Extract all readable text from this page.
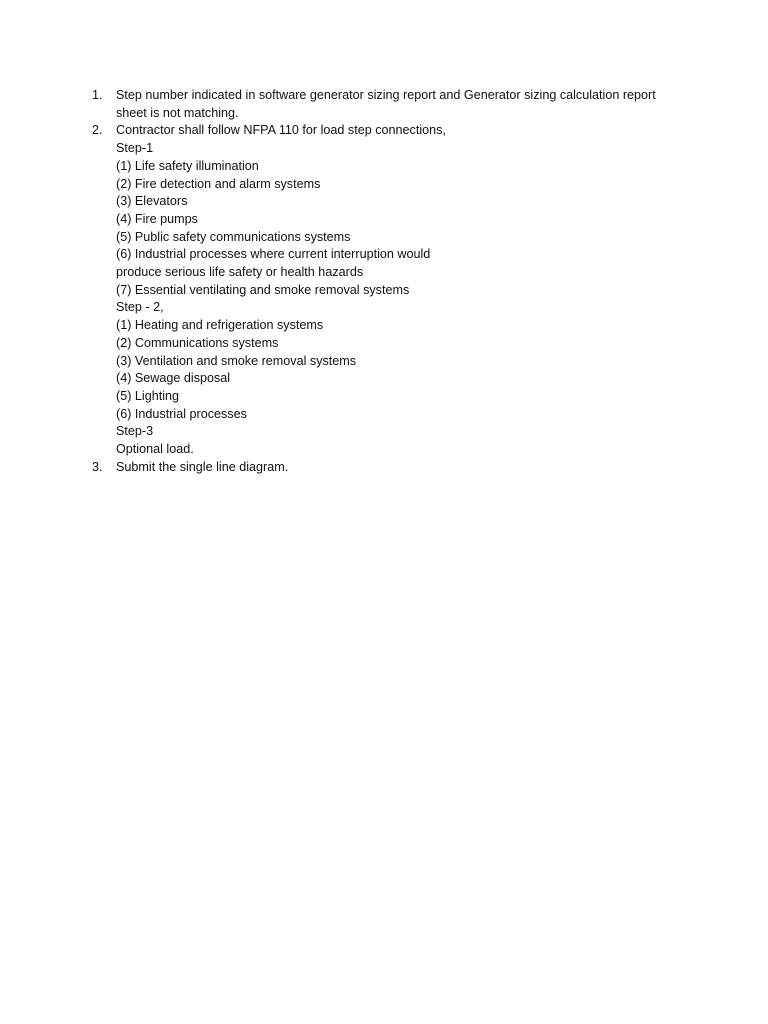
1.	Step number indicated in software generator sizing report and Generator sizing calculation report
sheet is not matching.
2.	Contractor shall follow NFPA 110 for load step connections,
Step-1
(1) Life safety illumination
(2) Fire detection and alarm systems
(3) Elevators
(4) Fire pumps
(5) Public safety communications systems
(6) Industrial processes where current interruption would
produce serious life safety or health hazards
(7) Essential ventilating and smoke removal systems
Step - 2,
(1) Heating and refrigeration systems
(2) Communications systems
(3) Ventilation and smoke removal systems
(4) Sewage disposal
(5) Lighting
(6) Industrial processes
Step-3
Optional load.
3.	Submit the single line diagram.
